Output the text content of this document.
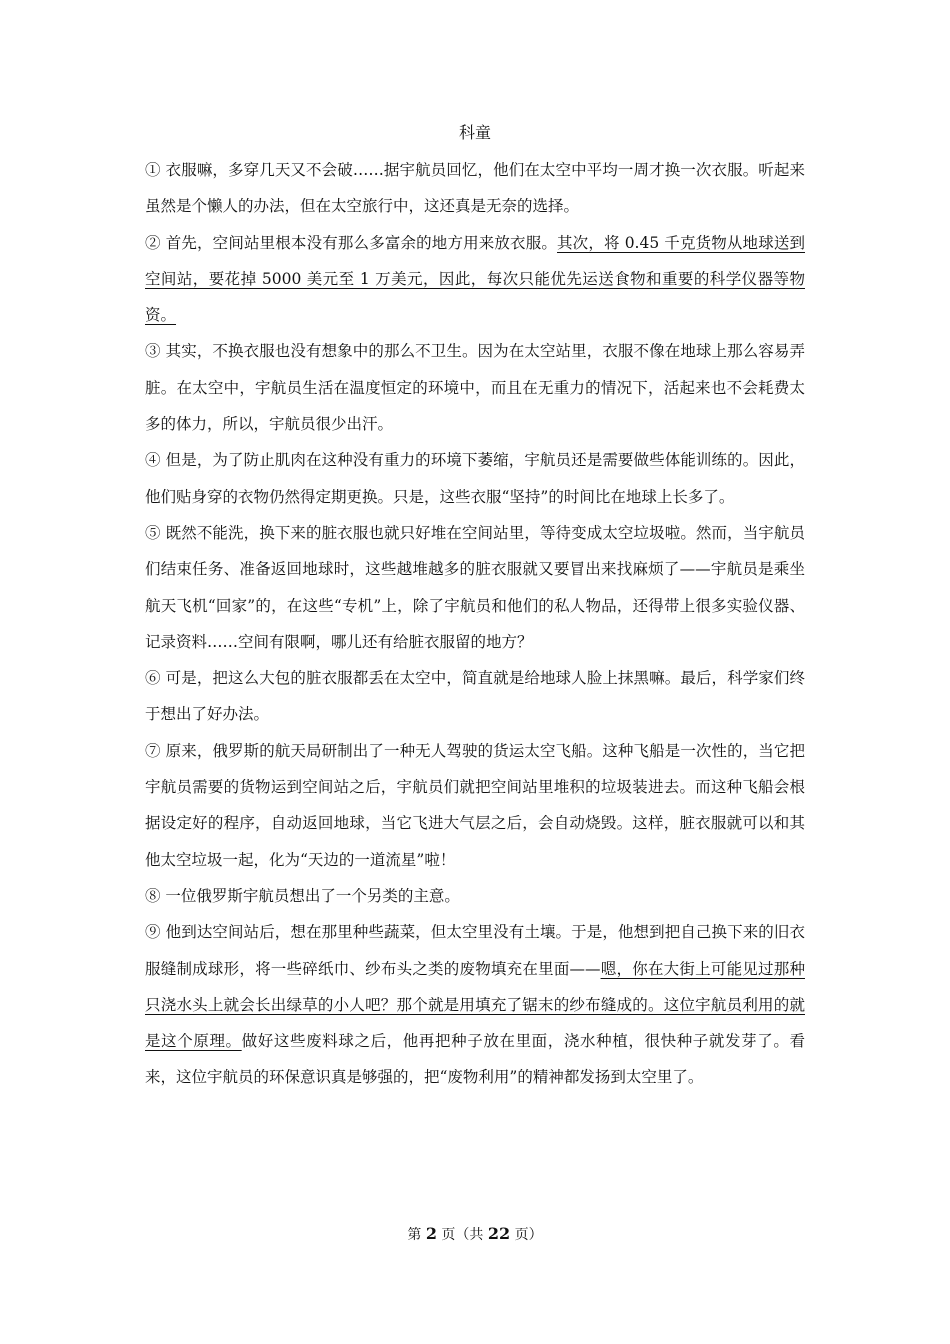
科童

① 衣服嘛，多穿几天又不会破……据宇航员回忆，他们在太空中平均一周才换一次衣服。听起来虽然是个懒人的办法，但在太空旅行中，这还真是无奈的选择。

② 首先，空间站里根本没有那么多富余的地方用来放衣服。其次，将 0.45 千克货物从地球送到空间站，要花掉 5000 美元至 1 万美元，因此，每次只能优先运送食物和重要的科学仪器等物资。

③ 其实，不换衣服也没有想象中的那么不卫生。因为在太空站里，衣服不像在地球上那么容易弄脏。在太空中，宇航员生活在温度恒定的环境中，而且在无重力的情况下，活起来也不会耗费太多的体力，所以，宇航员很少出汗。

④ 但是，为了防止肌肉在这种没有重力的环境下萎缩，宇航员还是需要做些体能训练的。因此，他们贴身穿的衣物仍然得定期更换。只是，这些衣服“坚持”的时间比在地球上长多了。

⑤ 既然不能洗，换下来的脏衣服也就只好堆在空间站里，等待变成太空垃圾啦。然而，当宇航员们结束任务、准备返回地球时，这些越堆越多的脏衣服就又要冒出来找麻烦了——宇航员是乘坐航天飞机“回家”的，在这些“专机”上，除了宇航员和他们的私人物品，还得带上很多实验仪器、记录资料……空间有限啊，哪儿还有给脏衣服留的地方？

⑥ 可是，把这么大包的脏衣服都丢在太空中，简直就是给地球人脸上抹黑嘛。最后，科学家们终于想出了好办法。

⑦ 原来，俄罗斯的航天局研制出了一种无人驾驶的货运太空飞船。这种飞船是一次性的，当它把宇航员需要的货物运到空间站之后，宇航员们就把空间站里堆积的垃圾装进去。而这种飞船会根据设定好的程序，自动返回地球，当它飞进大气层之后，会自动烧毁。这样，脏衣服就可以和其他太空垃圾一起，化为“天边的一道流星”啦！

⑧ 一位俄罗斯宇航员想出了一个另类的主意。

⑨ 他到达空间站后，想在那里种些蔬菜，但太空里没有土壤。于是，他想到把自己换下来的旧衣服缝制成球形，将一些碎纸巾、纱布头之类的废物填充在里面——嗯，你在大街上可能见过那种只浇水头上就会长出绿草的小人吧？那个就是用填充了锯末的纱布缝成的。这位宇航员利用的就是这个原理。做好这些废料球之后，他再把种子放在里面，浇水种植，很快种子就发芽了。看来，这位宇航员的环保意识真是够强的，把“废物利用”的精神都发扬到太空里了。

第 2 页（共 22 页）
